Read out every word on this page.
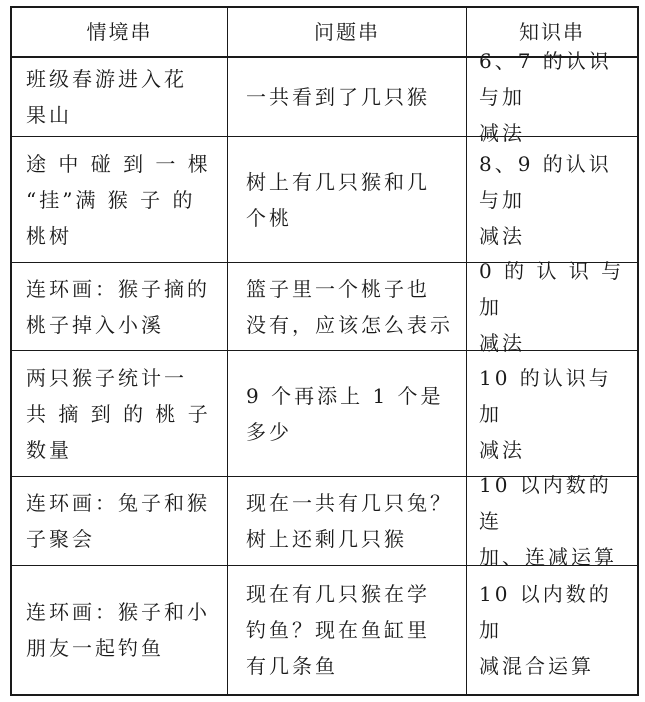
情境串	问题串	知识串
班级春游进入花
果山
一共看到了几只猴
6、7 的认识与加
减法
途 中 碰 到 一 棵
“挂”满 猴 子 的
桃树
树上有几只猴和几
个桃
8、9 的认识与加
减法
连环画：猴子摘的
桃子掉入小溪
篮子里一个桃子也
没有，应该怎么表示
0 的 认 识 与 加
减法
两只猴子统计一
共 摘 到 的 桃 子
数量
9 个再添上 1 个是
多少
10 的认识与加
减法
连环画：兔子和猴
子聚会
现在一共有几只兔？
树上还剩几只猴
10 以内数的连
加、连减运算
连环画：猴子和小
朋友一起钓鱼
现在有几只猴在学
钓鱼？现在鱼缸里
有几条鱼
10 以内数的加
减混合运算
